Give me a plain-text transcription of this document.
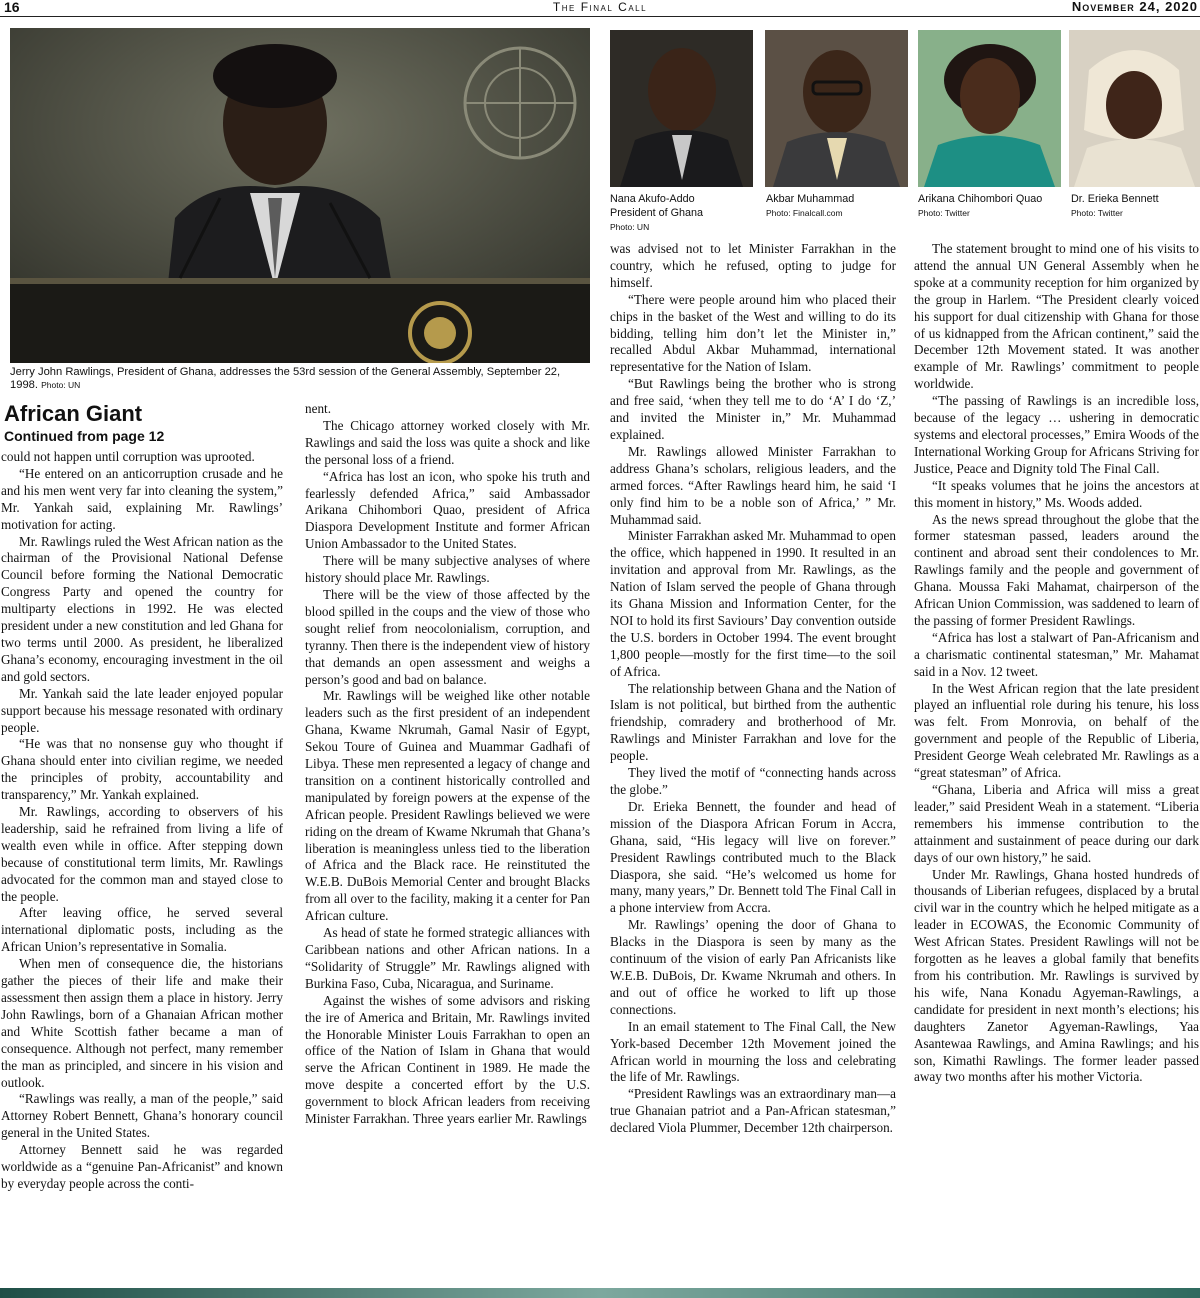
16	The Final Call	November 24, 2020
Jerry John Rawlings, President of Ghana, addresses the 53rd session of the General Assembly, September 22, 1998. Photo: UN
Nana Akufo-Addo
President of Ghana
Photo: UN
Akbar Muhammad
Photo: Finalcall.com
Arikana Chihombori Quao Photo: Twitter
Dr. Erieka Bennett
Photo: Twitter
African Giant
Continued from page 12

could not happen until corruption was uprooted.

“He entered on an anticorruption crusade and he and his men went very far into cleaning the system,” Mr. Yankah said, explaining Mr. Rawlings’ motivation for acting.

Mr. Rawlings ruled the West African nation as the chairman of the Provisional National Defense Council before forming the National Democratic Congress Party and opened the country for multiparty elections in 1992. He was elected president under a new constitution and led Ghana for two terms until 2000. As president, he liberalized Ghana’s economy, encouraging investment in the oil and gold sectors.

Mr. Yankah said the late leader enjoyed popular support because his message resonated with ordinary people.

“He was that no nonsense guy who thought if Ghana should enter into civilian regime, we needed the principles of probity, accountability and transparency,” Mr. Yankah explained.

Mr. Rawlings, according to observers of his leadership, said he refrained from living a life of wealth even while in office. After stepping down because of constitutional term limits, Mr. Rawlings advocated for the common man and stayed close to the people.

After leaving office, he served several international diplomatic posts, including as the African Union’s representative in Somalia.

When men of consequence die, the historians gather the pieces of their life and make their assessment then assign them a place in history. Jerry John Rawlings, born of a Ghanaian African mother and White Scottish father became a man of consequence. Although not perfect, many remember the man as principled, and sincere in his vision and outlook.

“Rawlings was really, a man of the people,” said Attorney Robert Bennett, Ghana’s honorary council general in the United States.

Attorney Bennett said he was regarded worldwide as a “genuine Pan-Africanist” and known by everyday people across the conti-

nent.

The Chicago attorney worked closely with Mr. Rawlings and said the loss was quite a shock and like the personal loss of a friend.

“Africa has lost an icon, who spoke his truth and fearlessly defended Africa,” said Ambassador Arikana Chihombori Quao, president of Africa Diaspora Development Institute and former African Union Ambassador to the United States.

There will be many subjective analyses of where history should place Mr. Rawlings.

There will be the view of those affected by the blood spilled in the coups and the view of those who sought relief from neocolonialism, corruption, and tyranny. Then there is the independent view of history that demands an open assessment and weighs a person’s good and bad on balance.

Mr. Rawlings will be weighed like other notable leaders such as the first president of an independent Ghana, Kwame Nkrumah, Gamal Nasir of Egypt, Sekou Toure of Guinea and Muammar Gadhafi of Libya. These men represented a legacy of change and transition on a continent historically controlled and manipulated by foreign powers at the expense of the African people. President Rawlings believed we were riding on the dream of Kwame Nkrumah that Ghana’s liberation is meaningless unless tied to the liberation of Africa and the Black race. He reinstituted the W.E.B. DuBois Memorial Center and brought Blacks from all over to the facility, making it a center for Pan African culture.

As head of state he formed strategic alliances with Caribbean nations and other African nations. In a “Solidarity of Struggle” Mr. Rawlings aligned with Burkina Faso, Cuba, Nicaragua, and Suriname.

Against the wishes of some advisors and risking the ire of America and Britain, Mr. Rawlings invited the Honorable Minister Louis Farrakhan to open an office of the Nation of Islam in Ghana that would serve the African Continent in 1989. He made the move despite a concerted effort by the U.S. government to block African leaders from receiving Minister Farrakhan. Three years earlier Mr. Rawlings

was advised not to let Minister Farrakhan in the country, which he refused, opting to judge for himself.

“There were people around him who placed their chips in the basket of the West and willing to do its bidding, telling him don’t let the Minister in,” recalled Abdul Akbar Muhammad, international representative for the Nation of Islam.

“But Rawlings being the brother who is strong and free said, ‘when they tell me to do ‘A’ I do ‘Z,’ and invited the Minister in,” Mr. Muhammad explained.

Mr. Rawlings allowed Minister Farrakhan to address Ghana’s scholars, religious leaders, and the armed forces. “After Rawlings heard him, he said ‘I only find him to be a noble son of Africa,’ ” Mr. Muhammad said.

Minister Farrakhan asked Mr. Muhammad to open the office, which happened in 1990. It resulted in an invitation and approval from Mr. Rawlings, as the Nation of Islam served the people of Ghana through its Ghana Mission and Information Center, for the NOI to hold its first Saviours’ Day convention outside the U.S. borders in October 1994. The event brought 1,800 people—mostly for the first time—to the soil of Africa.

The relationship between Ghana and the Nation of Islam is not political, but birthed from the authentic friendship, comradery and brotherhood of Mr. Rawlings and Minister Farrakhan and love for the people.

They lived the motif of “connecting hands across the globe.”

Dr. Erieka Bennett, the founder and head of mission of the Diaspora African Forum in Accra, Ghana, said, “His legacy will live on forever.” President Rawlings contributed much to the Black Diaspora, she said. “He’s welcomed us home for many, many years,” Dr. Bennett told The Final Call in a phone interview from Accra.

Mr. Rawlings’ opening the door of Ghana to Blacks in the Diaspora is seen by many as the continuum of the vision of early Pan Africanists like W.E.B. DuBois, Dr. Kwame Nkrumah and others. In and out of office he worked to lift up those connections.

In an email statement to The Final Call, the New York-based December 12th Movement joined the African world in mourning the loss and celebrating the life of Mr. Rawlings.

“President Rawlings was an extraordinary man—a true Ghanaian patriot and a Pan-African statesman,” declared Viola Plummer, December 12th chairperson.

The statement brought to mind one of his visits to attend the annual UN General Assembly when he spoke at a community reception for him organized by the group in Harlem. “The President clearly voiced his support for dual citizenship with Ghana for those of us kidnapped from the African continent,” said the December 12th Movement stated. It was another example of Mr. Rawlings’ commitment to people worldwide.

“The passing of Rawlings is an incredible loss, because of the legacy … ushering in democratic systems and electoral processes,” Emira Woods of the International Working Group for Africans Striving for Justice, Peace and Dignity told The Final Call.

“It speaks volumes that he joins the ancestors at this moment in history,” Ms. Woods added.

As the news spread throughout the globe that the former statesman passed, leaders around the continent and abroad sent their condolences to Mr. Rawlings family and the people and government of Ghana. Moussa Faki Mahamat, chairperson of the African Union Commission, was saddened to learn of the passing of former President Rawlings.

“Africa has lost a stalwart of Pan-Africanism and a charismatic continental statesman,” Mr. Mahamat said in a Nov. 12 tweet.

In the West African region that the late president played an influential role during his tenure, his loss was felt. From Monrovia, on behalf of the government and people of the Republic of Liberia, President George Weah celebrated Mr. Rawlings as a “great statesman” of Africa.

“Ghana, Liberia and Africa will miss a great leader,” said President Weah in a statement. “Liberia remembers his immense contribution to the attainment and sustainment of peace during our dark days of our own history,” he said.

Under Mr. Rawlings, Ghana hosted hundreds of thousands of Liberian refugees, displaced by a brutal civil war in the country which he helped mitigate as a leader in ECOWAS, the Economic Community of West African States. President Rawlings will not be forgotten as he leaves a global family that benefits from his contribution. Mr. Rawlings is survived by his wife, Nana Konadu Agyeman-Rawlings, a candidate for president in next month’s elections; his daughters Zanetor Agyeman-Rawlings, Yaa Asantewaa Rawlings, and Amina Rawlings; and his son, Kimathi Rawlings. The former leader passed away two months after his mother Victoria.
